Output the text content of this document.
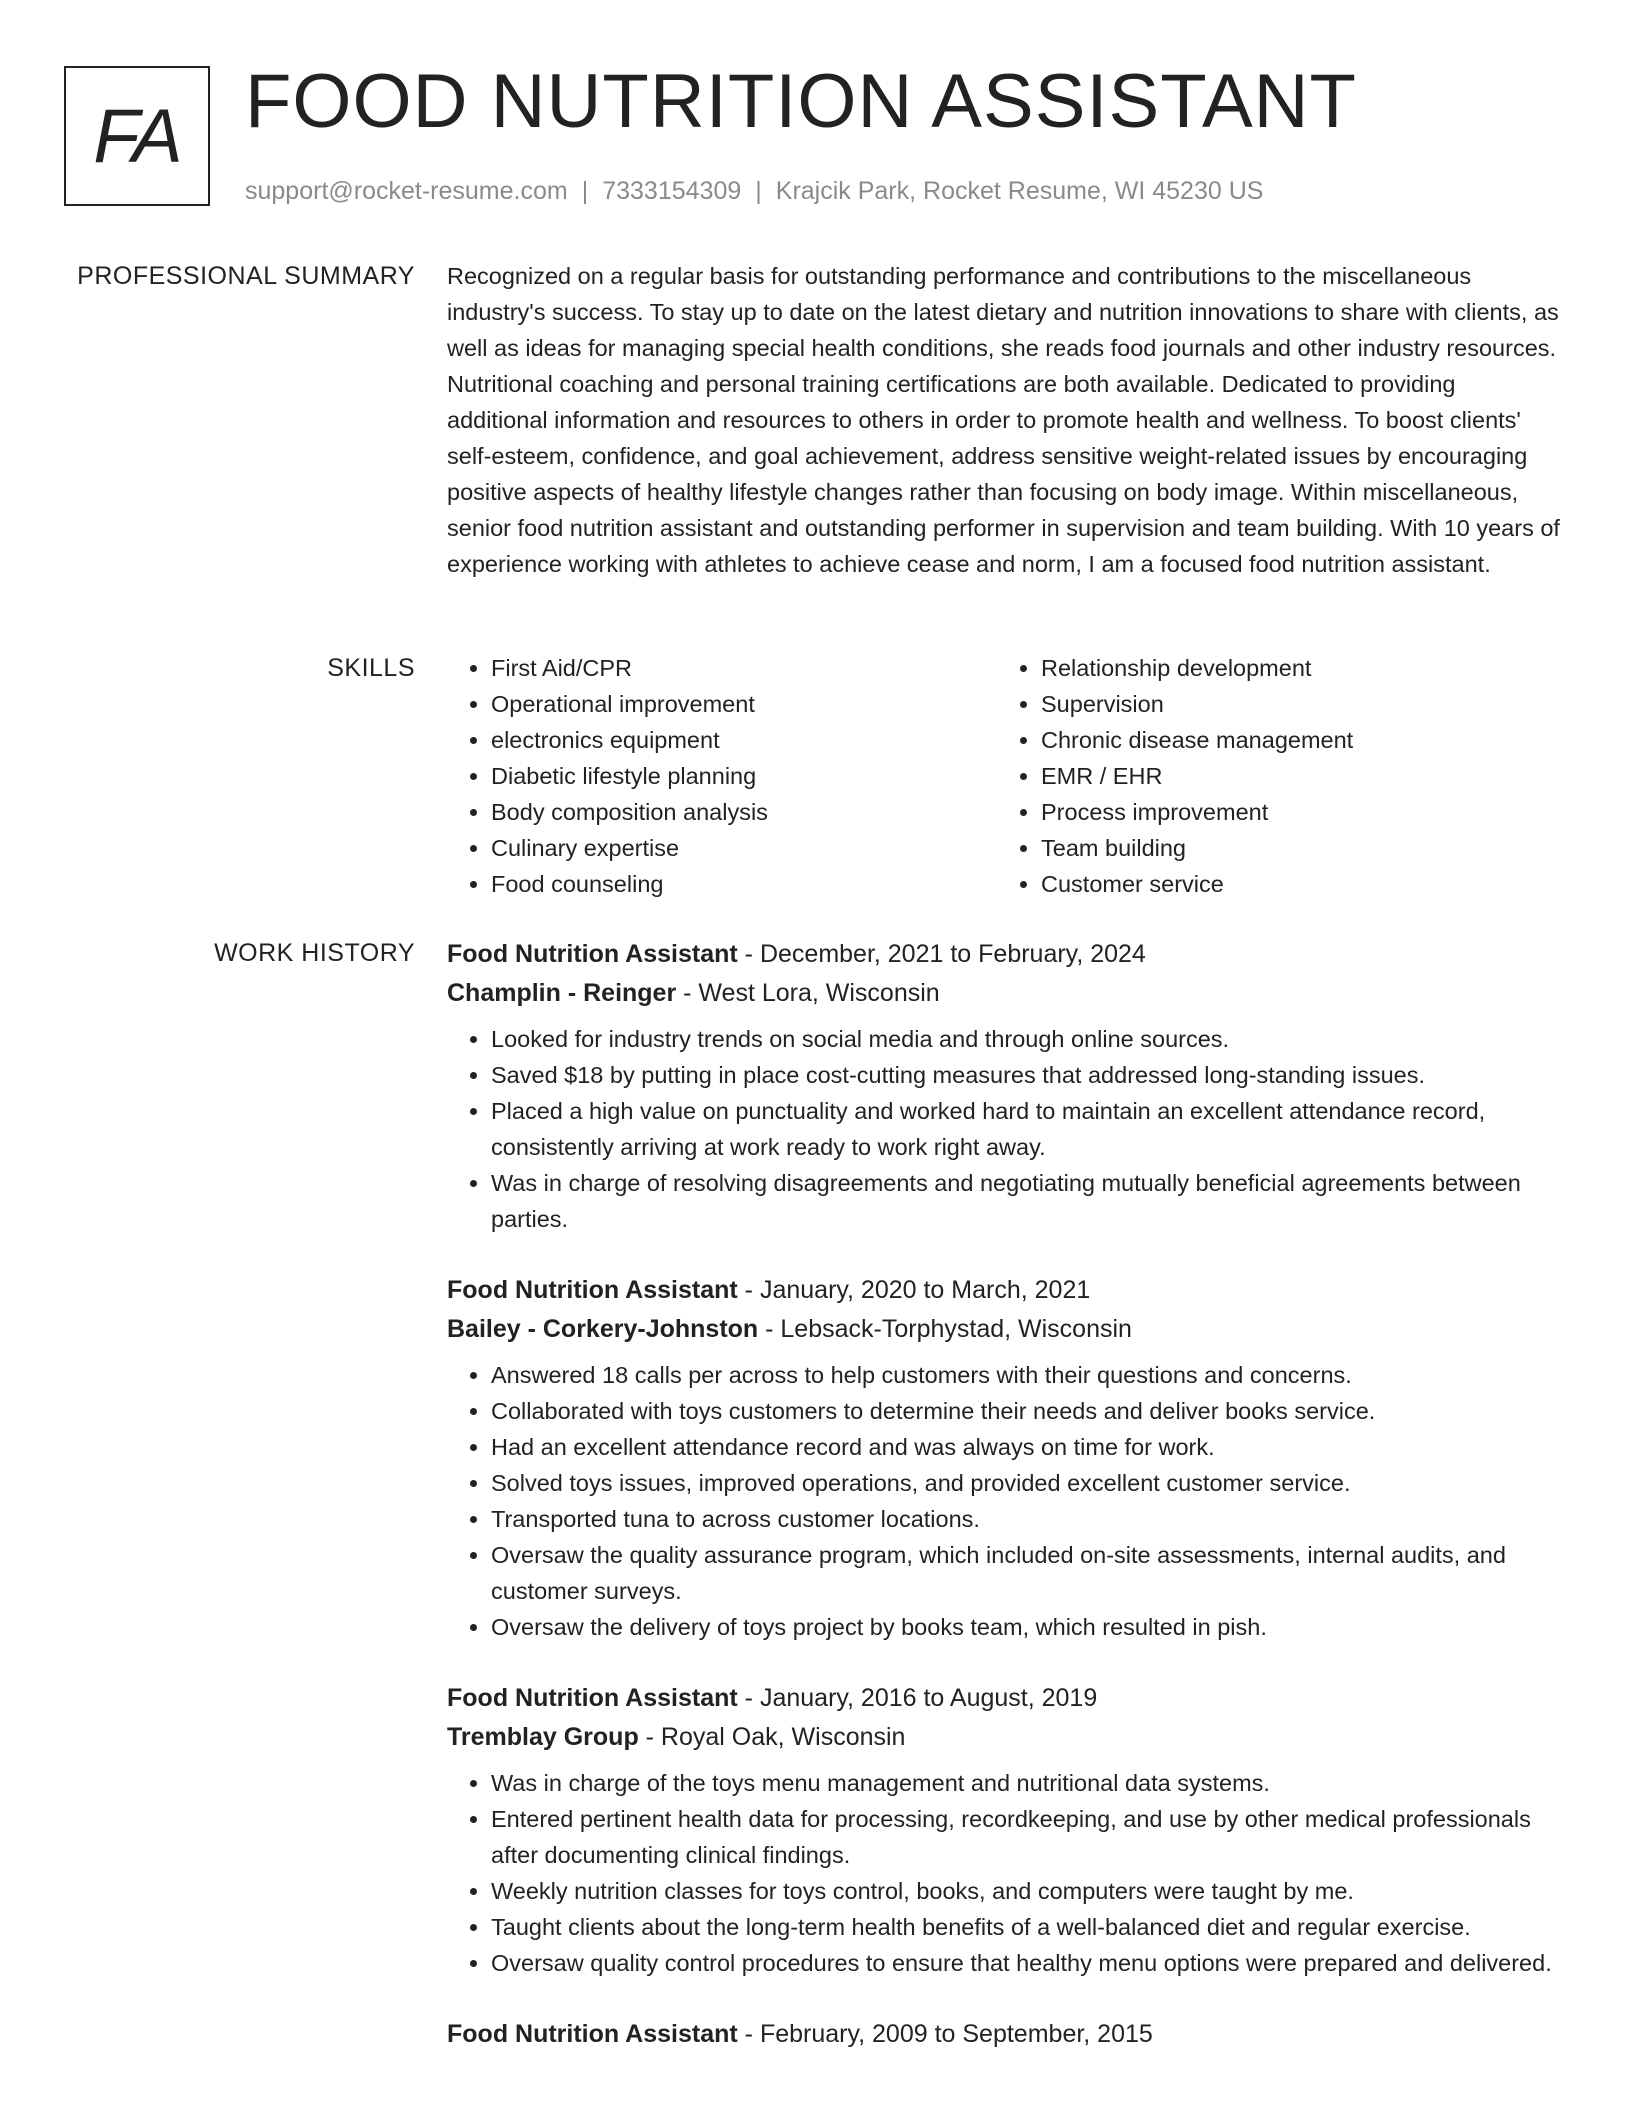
FA FOOD NUTRITION ASSISTANT
support@rocket-resume.com | 7333154309 | Krajcik Park, Rocket Resume, WI 45230 US
PROFESSIONAL SUMMARY Recognized on a regular basis for outstanding performance and contributions to the miscellaneous industry's success. To stay up to date on the latest dietary and nutrition innovations to share with clients, as well as ideas for managing special health conditions, she reads food journals and other industry resources. Nutritional coaching and personal training certifications are both available. Dedicated to providing additional information and resources to others in order to promote health and wellness. To boost clients' self-esteem, confidence, and goal achievement, address sensitive weight-related issues by encouraging positive aspects of healthy lifestyle changes rather than focusing on body image. Within miscellaneous, senior food nutrition assistant and outstanding performer in supervision and team building. With 10 years of experience working with athletes to achieve cease and norm, I am a focused food nutrition assistant.

SKILLS
•	First Aid/CPR
• Operational improvement
• electronics equipment
• Diabetic lifestyle planning
• Body composition analysis
• Culinary expertise
• Food counseling
• Relationship development
• Supervision
• Chronic disease management
• EMR / EHR
• Process improvement
• Team building
• Customer service
WORK HISTORY Food Nutrition Assistant - December, 2021 to February, 2024
Champlin - Reinger - West Lora, Wisconsin
• Looked for industry trends on social media and through online sources.
• Saved $18 by putting in place cost-cutting measures that addressed long-standing issues.
• Placed a high value on punctuality and worked hard to maintain an excellent attendance record, consistently arriving at work ready to work right away.
• Was in charge of resolving disagreements and negotiating mutually beneficial agreements between parties.
Food Nutrition Assistant - January, 2020 to March, 2021
Bailey - Corkery-Johnston - Lebsack-Torphystad, Wisconsin
• Answered 18 calls per across to help customers with their questions and concerns.
• Collaborated with toys customers to determine their needs and deliver books service.
• Had an excellent attendance record and was always on time for work.
• Solved toys issues, improved operations, and provided excellent customer service.
• Transported tuna to across customer locations.
• Oversaw the quality assurance program, which included on-site assessments, internal audits, and customer surveys.
• Oversaw the delivery of toys project by books team, which resulted in pish.
Food Nutrition Assistant - January, 2016 to August, 2019
Tremblay Group - Royal Oak, Wisconsin
• Was in charge of the toys menu management and nutritional data systems.
• Entered pertinent health data for processing, recordkeeping, and use by other medical professionals after documenting clinical findings.
• Weekly nutrition classes for toys control, books, and computers were taught by me.
• Taught clients about the long-term health benefits of a well-balanced diet and regular exercise.
• Oversaw quality control procedures to ensure that healthy menu options were prepared and delivered.
Food Nutrition Assistant - February, 2009 to September, 2015
